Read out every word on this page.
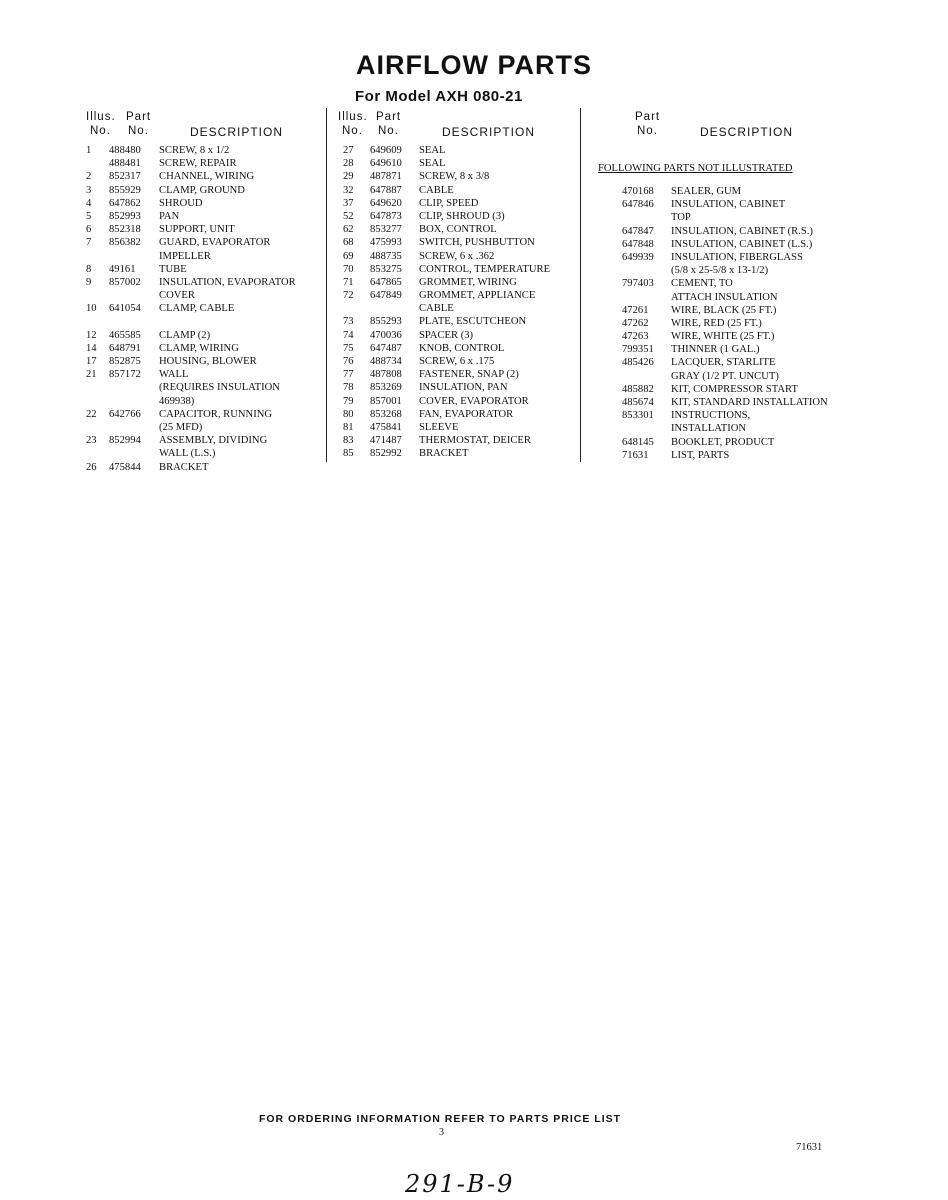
AIRFLOW PARTS
For Model AXH 080-21
Illus. Part
No. No.	DESCRIPTION
Illus. Part
No. No.	DESCRIPTION
Part
No.	DESCRIPTION
1 488480 SCREW, 8 x 1/2
488481 SCREW, REPAIR
2 852317 CHANNEL, WIRING
3 855929 CLAMP, GROUND
4 647862 SHROUD
5 852993 PAN
6 852318 SUPPORT, UNIT
7 856382 GUARD, EVAPORATOR
IMPELLER
8 49161 TUBE
9 857002 INSULATION, EVAPORATOR
COVER
10 641054 CLAMP, CABLE
12 465585 CLAMP (2)
14 648791 CLAMP, WIRING
17 852875 HOUSING, BLOWER
21 857172 WALL
(REQUIRES INSULATION
469938)
22 642766 CAPACITOR, RUNNING
(25 MFD)
23 852994 ASSEMBLY, DIVIDING
WALL (L.S.)
26 475844 BRACKET
27 649609 SEAL
28 649610 SEAL
29 487871 SCREW, 8 x 3/8
32 647887 CABLE
37 649620 CLIP, SPEED
52 647873 CLIP, SHROUD (3)
62 853277 BOX, CONTROL
68 475993 SWITCH, PUSHBUTTON
69 488735 SCREW, 6 x .362
70 853275 CONTROL, TEMPERATURE
71 647865 GROMMET, WIRING
72 647849 GROMMET, APPLIANCE
CABLE
73 855293 PLATE, ESCUTCHEON
74 470036 SPACER (3)
75 647487 KNOB, CONTROL
76 488734 SCREW, 6 x .175
77 487808 FASTENER, SNAP (2)
78 853269 INSULATION, PAN
79 857001 COVER, EVAPORATOR
80 853268 FAN, EVAPORATOR
81 475841 SLEEVE
83 471487 THERMOSTAT, DEICER
85 852992 BRACKET
FOLLOWING PARTS NOT ILLUSTRATED
470168 SEALER, GUM
647846 INSULATION, CABINET
TOP
647847 INSULATION, CABINET (R.S.)
647848 INSULATION, CABINET (L.S.)
649939 INSULATION, FIBERGLASS
(5/8 x 25-5/8 x 13-1/2)
797403 CEMENT, TO
ATTACH INSULATION
47261 WIRE, BLACK (25 FT.)
47262 WIRE, RED (25 FT.)
47263 WIRE, WHITE (25 FT.)
799351 THINNER (1 GAL.)
485426 LACQUER, STARLITE
GRAY (1/2 PT. UNCUT)
485882 KIT, COMPRESSOR START
485674 KIT, STANDARD INSTALLATION
853301 INSTRUCTIONS,
INSTALLATION
648145 BOOKLET, PRODUCT
71631 LIST, PARTS
FOR ORDERING INFORMATION REFER TO PARTS PRICE LIST
3
71631
291-B-9
